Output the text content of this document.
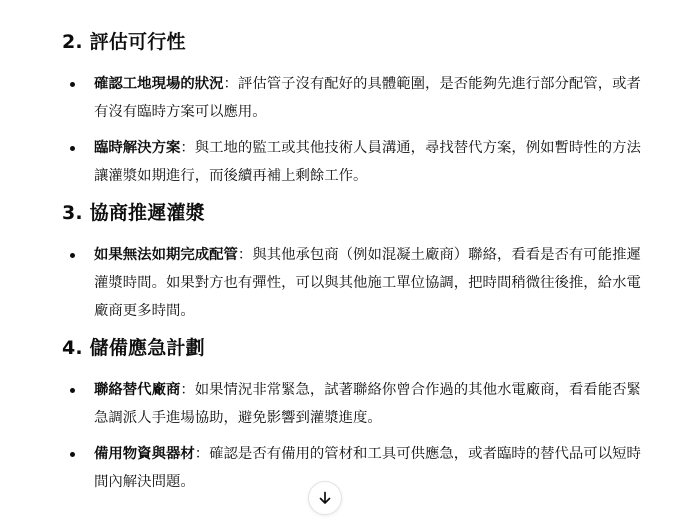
2. 評估可行性
確認工地現場的狀況：評估管子沒有配好的具體範圍，是否能夠先進行部分配管，或者有沒有臨時方案可以應用。
臨時解決方案：與工地的監工或其他技術人員溝通，尋找替代方案，例如暫時性的方法讓灌漿如期進行，而後續再補上剩餘工作。
3. 協商推遲灌漿
如果無法如期完成配管：與其他承包商（例如混凝土廠商）聯絡，看看是否有可能推遲灌漿時間。如果對方也有彈性，可以與其他施工單位協調，把時間稍微往後推，給水電廠商更多時間。
4. 儲備應急計劃
聯絡替代廠商：如果情況非常緊急，試著聯絡你曾合作過的其他水電廠商，看看能否緊急調派人手進場協助，避免影響到灌漿進度。
備用物資與器材：確認是否有備用的管材和工具可供應急，或者臨時的替代品可以短時間內解決問題。
